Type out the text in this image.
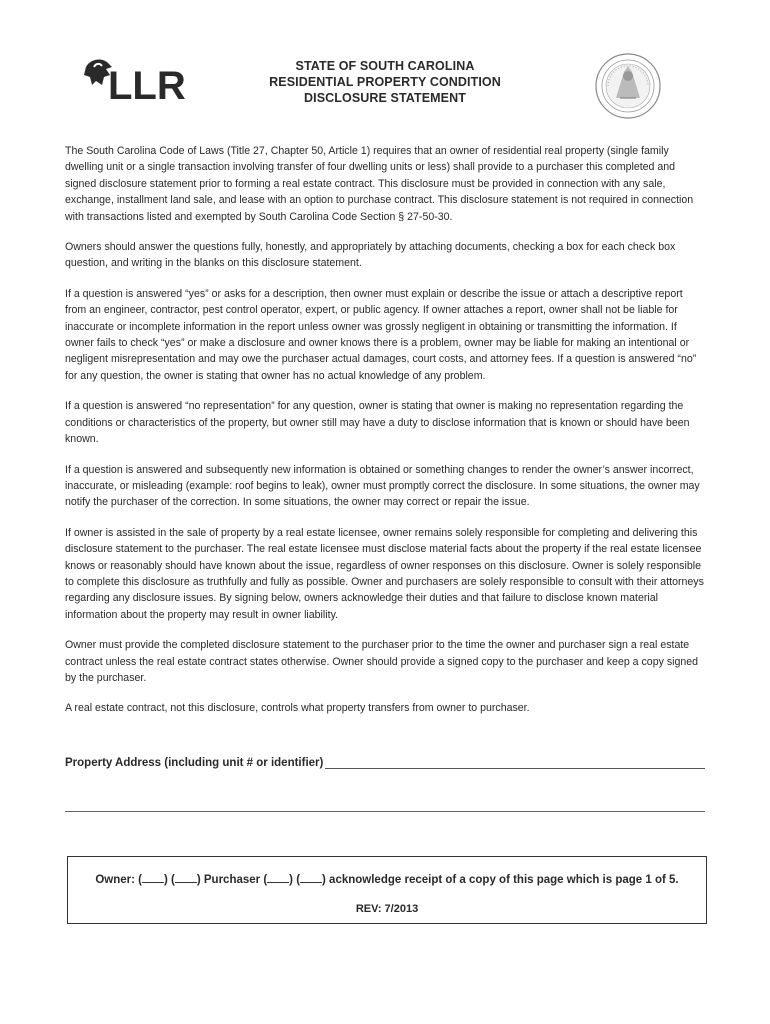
LLR	STATE OF SOUTH CAROLINA
RESIDENTIAL PROPERTY CONDITION
DISCLOSURE STATEMENT

The South Carolina Code of Laws (Title 27, Chapter 50, Article 1) requires that an owner of residential real property (single family dwelling unit or a single transaction involving transfer of four dwelling units or less) shall provide to a purchaser this completed and signed disclosure statement prior to forming a real estate contract. This disclosure must be provided in connection with any sale, exchange, installment land sale, and lease with an option to purchase contract. This disclosure statement is not required in connection with transactions listed and exempted by South Carolina Code Section § 27-50-30.

Owners should answer the questions fully, honestly, and appropriately by attaching documents, checking a box for each check box question, and writing in the blanks on this disclosure statement.

If a question is answered “yes” or asks for a description, then owner must explain or describe the issue or attach a descriptive report from an engineer, contractor, pest control operator, expert, or public agency. If owner attaches a report, owner shall not be liable for inaccurate or incomplete information in the report unless owner was grossly negligent in obtaining or transmitting the information. If owner fails to check “yes” or make a disclosure and owner knows there is a problem, owner may be liable for making an intentional or negligent misrepresentation and may owe the purchaser actual damages, court costs, and attorney fees. If a question is answered “no” for any question, the owner is stating that owner has no actual knowledge of any problem.

If a question is answered “no representation” for any question, owner is stating that owner is making no representation regarding the conditions or characteristics of the property, but owner still may have a duty to disclose information that is known or should have been known.

If a question is answered and subsequently new information is obtained or something changes to render the owner’s answer incorrect, inaccurate, or misleading (example: roof begins to leak), owner must promptly correct the disclosure. In some situations, the owner may notify the purchaser of the correction. In some situations, the owner may correct or repair the issue.

If owner is assisted in the sale of property by a real estate licensee, owner remains solely responsible for completing and delivering this disclosure statement to the purchaser. The real estate licensee must disclose material facts about the property if the real estate licensee knows or reasonably should have known about the issue, regardless of owner responses on this disclosure. Owner is solely responsible to complete this disclosure as truthfully and fully as possible. Owner and purchasers are solely responsible to consult with their attorneys regarding any disclosure issues. By signing below, owners acknowledge their duties and that failure to disclose known material information about the property may result in owner liability.

Owner must provide the completed disclosure statement to the purchaser prior to the time the owner and purchaser sign a real estate contract unless the real estate contract states otherwise. Owner should provide a signed copy to the purchaser and keep a copy signed by the purchaser.

A real estate contract, not this disclosure, controls what property transfers from owner to purchaser.

Property Address (including unit # or identifier)
Owner: ( ) ( ) Purchaser ( ) ( ) acknowledge receipt of a copy of this page which is page 1 of 5.
REV: 7/2013
